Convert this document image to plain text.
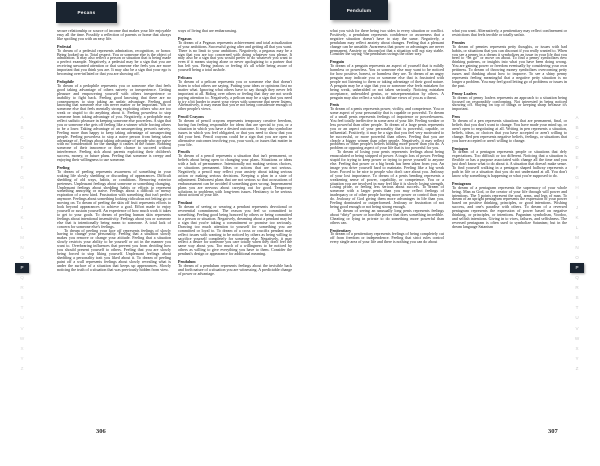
Pecans	Pendulum
A
B
C
D
E
F
G
H
I
J
K
L
M
N
O
P
Q
R
S
T
U
V
W
X
Y
Z
A
B
C
D
E
F
G
H
I
J
K
L
M
N
O
P
Q
R
S
T
U
V
W
X
Y
Z
secure relationship or source of income that makes your life enjoyable easy all the time. Possibly a reflection of parents or home that always like spoiling you with an easy life.
Pedestal
To dream of a pedestal represents admiration, recognition, or honor. Being looked up to. Total respect. You or someone else is the object of admiration. It may also reflect a person or situation that is being made a perfect example. Negatively, a pedestal may be a sign that you are receiving unwanted attention or that someone else feels you are more important that you think you are. It may also be a sign that your ego is becoming over-inflated or that you are showing off.
Pedophile
To dream of a pedophile represents you or someone else that feels good taking advantage of others naivety or inexperience. Getting pleasure and empowering yourself with others inexperience or inability to fight back. Feeling good knowing that there are no consequences to stop taking an unfair advantage. Feeling good knowing that someone else can never matter or be important. You or someone else that feels mentally strong exploiting others who are too weak or stupid to do anything about it. Feeling powerless to stop someone from taking advantage of you. Negatively, a pedophile may reflect sadistic pleasure in keeping someone else powerless. A sign that you or someone else gets off feeling like a winner while forcing others to be a loser. Taking advantage of an unsuspecting person's naivety. Feeling more than happy to keep taking advantage of unsuspecting people. Feeling powerless to stop a naive person from being taken advantage of. Feelings about taking advantage of people who are naive with no consideration for the damage it causes in the future. Robbing someone of their innocence or their chance to succeed without interference. Feeling sick about parents exploiting their children's success, money, or future plans. Feeling that someone is creepy and enjoying their willingness to use someone.
Peeling
To dream of peeling represents awareness of something in your waking life slowly shedding or discarding of appearances. Difficult shedding of old ways, habits, or conditions. Removing exterior pretenses. Unpleasant feelings about someone or something changing. Unpleasant feelings about shedding habits or efforts to represent something annoying or naive. Feelings about a difficult or messy expiration of a new kind. Frustration with something that isn't perfect anymore. Feelings about something looking ridiculous not letting go or moving on. To dream of peeling the skin off fruit represents efforts to look beyond appearances to achieve a goal. Effort made to enjoy yourself or sustain yourself. An experience of how much work it takes to get to your goals. To dream of peeling human skin represents feelings about intentional insensitivity. Feelings about you or someone else that is intentionally being mean to someone. A total lack of concern for someone else's feelings.
To dream of peeling your face off represents feelings of slowly having to change your personality. Feeling that a situation slowly makes you remove or change your attitude. Feeling that a situation slowly restricts your ability to be yourself or act in the manner you want to. Overbearing influences that prevent you from deciding how you should present yourself to others. Feeling that you are slowly being forced to stop liking yourself. Unpleasant feelings about shedding a personality trait you liked about it. To dream of peeling paint off a wall represents feelings about slowly revealing what is under the surface of a situation that keeps up appearances. Slowly noticing the truth of a situation that was previously hidden from view.
ways of living that are embarrassing.
Pegasus
To dream of a Pegasus represents achievement and total actualization of your ambitions. Successful going after and getting all that you want. There is no limit to your ambitions. Negatively, a pegasus may be a sign that you are too concerned with doing whatever you please. It may also be a sign that you would prefer to do whatever you want to even if it means staying alone or never apologizing to a partner that has left you. Being jealous or feeling it's all while being aware of yourself being a total asshole.
Pelicans
To dream of a pelican represents you or someone else that doesn't listen to what others are saying. Putting your ideas or opinions first no matter what. Ignoring what others have to say though they never felt important at all. Riding over others or feeling that they are not worth paying attention to. Negatively, a pelican may be a sign that you need to try a bit harder to assert your views with someone that never listens. Alternatively, it may mean that you're not being considerate enough of other people's views.
Pencil Crayons
To dream of pencil crayons represents temporary creative freedom, having fun feeling responsible for ideas that are special to you, or a situation in which you have a desired outcome. It may also symbolize issues in which you feel obligated, or that you need to show that you did your best. Pencil crayons could be a sign that you are open to alternative outcomes involving you, your work, or issues that matter in your life.
Pencils
To dream of a pencil represents a situation that isn't permanent, or beliefs about being open to changing your plans. Situations or ideas with a lack of permanence. Intentionally not making serious choices, or situations permanent. Ideas or actions that are not serious. Negatively, a pencil may reflect your anxiety about taking serious action or making serious decisions. Keeping a plan in a state of adjustment. Dishonest plans that are not serious so that accusations of embarrassment can be avoided if something goes wrong. Impermanent plans you are nervous about carrying out for good. Temporary solutions to problems with long-term issues. Hesitancy to be serious about actions of your life.
Pendant
To dream of seeing or wearing a pendant represents devotional or reverential commitment. The reason you feel so committed to something. Feeling good being honored by others or being committed to a person or situation. Negatively, dreaming about a pendant may be a sign that you're taking a commitment or promise too seriously. Drawing too much attention to yourself for something you are committed or loyal to. To dream of a cross or crucifix pendant may reflect issues with wanting to be noticed by others as being willing to sacrifice yourself completely for someone else. Negatively, it may reflect a desire for someone you care totally when they don't feel the same way about you. Too much of a willingness to be noticed by others as willing to give everything you have to them. Consider the pendant's design or appearance for additional meaning.
Pendulum
To dream of a pendulum represents feelings about the invisible back and forth nature of a situation you are witnessing. A predictable change of power or advantage.
what you wish for there being two sides to every situation or conflict. Positively, a pendulum represents confidence or awareness that a negative situation doesn't have to stay the same. Negatively, a pendulum may reflect anxiety about changes. Feeling that a pleasant change can be unstable. Awareness that power or advantages are never permanent. Anxiety or discomfort that a situation will not stay stable. Consider the saying “the pendulum swings the other way.”
Penguin
To dream of a penguin represents an aspect of yourself that is mildly harmless or powerless. You or someone else may want to be noticed for how positive, honest, or harmless they are. To dream of an angry penguin may indicate you or someone else that is frustrated with people not listening to them or taking advantage of their good nature. A penguin may be a sign that you or someone else feels mistaken for being weak, unheralded or not taken seriously. Noticing mistaken acceptance, unheralded genius, or misrepresentation by others. A penguin may also reflect a wish to diffuse views of you as a threat.
Penis
To dream of a penis represents power, virility, and competence. You or some aspect of your personality that is capable or powerful. To dream of a small penis represents feelings of impotence or powerlessness. You feel totally ineffective in some area of your life. Feeling weaker or less powerful than other people. To dream of a large penis represents you or an aspect of your personality that is powerful, capable, or influential. Positively, it may be a sign that you feel very motivated to be successful, or more powerful than others. Feeling that you are clearly a bigger winner than other people. Negatively, it may reflect problems or other people's beliefs holding more power than you do. A problem or opposing aspect of your life that is too powerful for you.
To dream of losing your penis represents feelings about being emasculated or being stripped of power. A tragic loss of power. Feeling stupid for trying to keep power or trying to prove yourself to anyone else. Feeling that power or a big break has been taken from you. An image you drive yourself hard to maintain. Feeling like a big weak loser. Forced to be nice to people who don't care about you. Jealousy of your lost importance. To dream of a penis bending represents a weakening sense of power, capability, or competence. You or a situation you are involved in may feel like it is slowly losing strength. Losing pride, or feeling less serious about success. To dream of someone with a larger penis than you may reflect feelings of inadequacy or of other people having more power or control than you do. Jealousy of God giving them more advantages in life than you. Feeling dominated or outperformed. Jealousy or frustration of not being good enough or not being strong enough.
To dream of seeing an unusually long penis represents feelings about “dirty” power or horrible power that does something incredible. Cheating or lying in private to do something more powerful than others can.
Penitentiary
To dream of a penitentiary represents feelings of being completely cut off from freedom or independence. Feeling that strict rules control every single area of your life and there is nothing you can do about
what you want. Alternatively, a penitentiary may reflect confinement or restrictions that feels terrible or totally unfair.
Pennies
To dream of pennies represents petty thoughts, or issues with bad habits, or situations that you can discount if you really wanted to. When you see a penny in a dream it symbolizes an issue in your life that you need to “let go” or move on about. To find a penny symbolizes new thinking patterns, or insights into what you have been doing wrong. You are gaining power or freedom eventually by considering your own pettiness. To dream of throwing money symbolizes overcoming petty issues and thinking about how to improve. To see a shiny penny represents feeling meaningful that a negative petty situation is no longer a problem. You may feel good letting go of problems or issues in the past.
Penny Loafers
To dream of penny loafers represents an approach to a situation being focused on responsibly conforming. Not interested in being noticed showing off. Staying on top of things or keeping sharp because it's important.
Pens
To dream of a pen represents situations that are permanent, final, or beliefs that you don't want to change. You have made your mind up, or aren't open to negotiating at all. Writing in pen represents a situation, beliefs, ideas, or choices that you have accepted or aren't willing to change. Red pen represents negative beliefs, feelings, or situations that you have accepted or aren't willing to change.
Pentagon
To dream of a pentagon represents people or situations that defy expectations. Too difficult or too different. Noticing that a situation is flexible or has a purpose associated with change all the time and you just don't know what to do about it. A situation that doesn't make sense. To find yourself walking in a pentagon shaped hallway represents a path in life or a situation that you do not understand at all. You don't know why something is happening or what you're supposed to do.
Pentagram
To dream of a pentagram represents the supremacy of your whole being. Man as God, or the creator of your life through will power and intentions. The 5 points represent the soul, arms, and legs of man. To dream of an upright pentagram represents the expression of your power based on positive thinking, principles, or good intentions. Wishing success, and one's paradise with others. To dream of a reversed pentagram represents the expression of power based on negative thinking, or principles, or intentions. Paganism symbolism, Voodoo, and selfish intentions. Giving in to vices, failures, and selfishness. The reversed pentagram is often used to symbolize Satanism; but in the dream language Satanism
306	307
